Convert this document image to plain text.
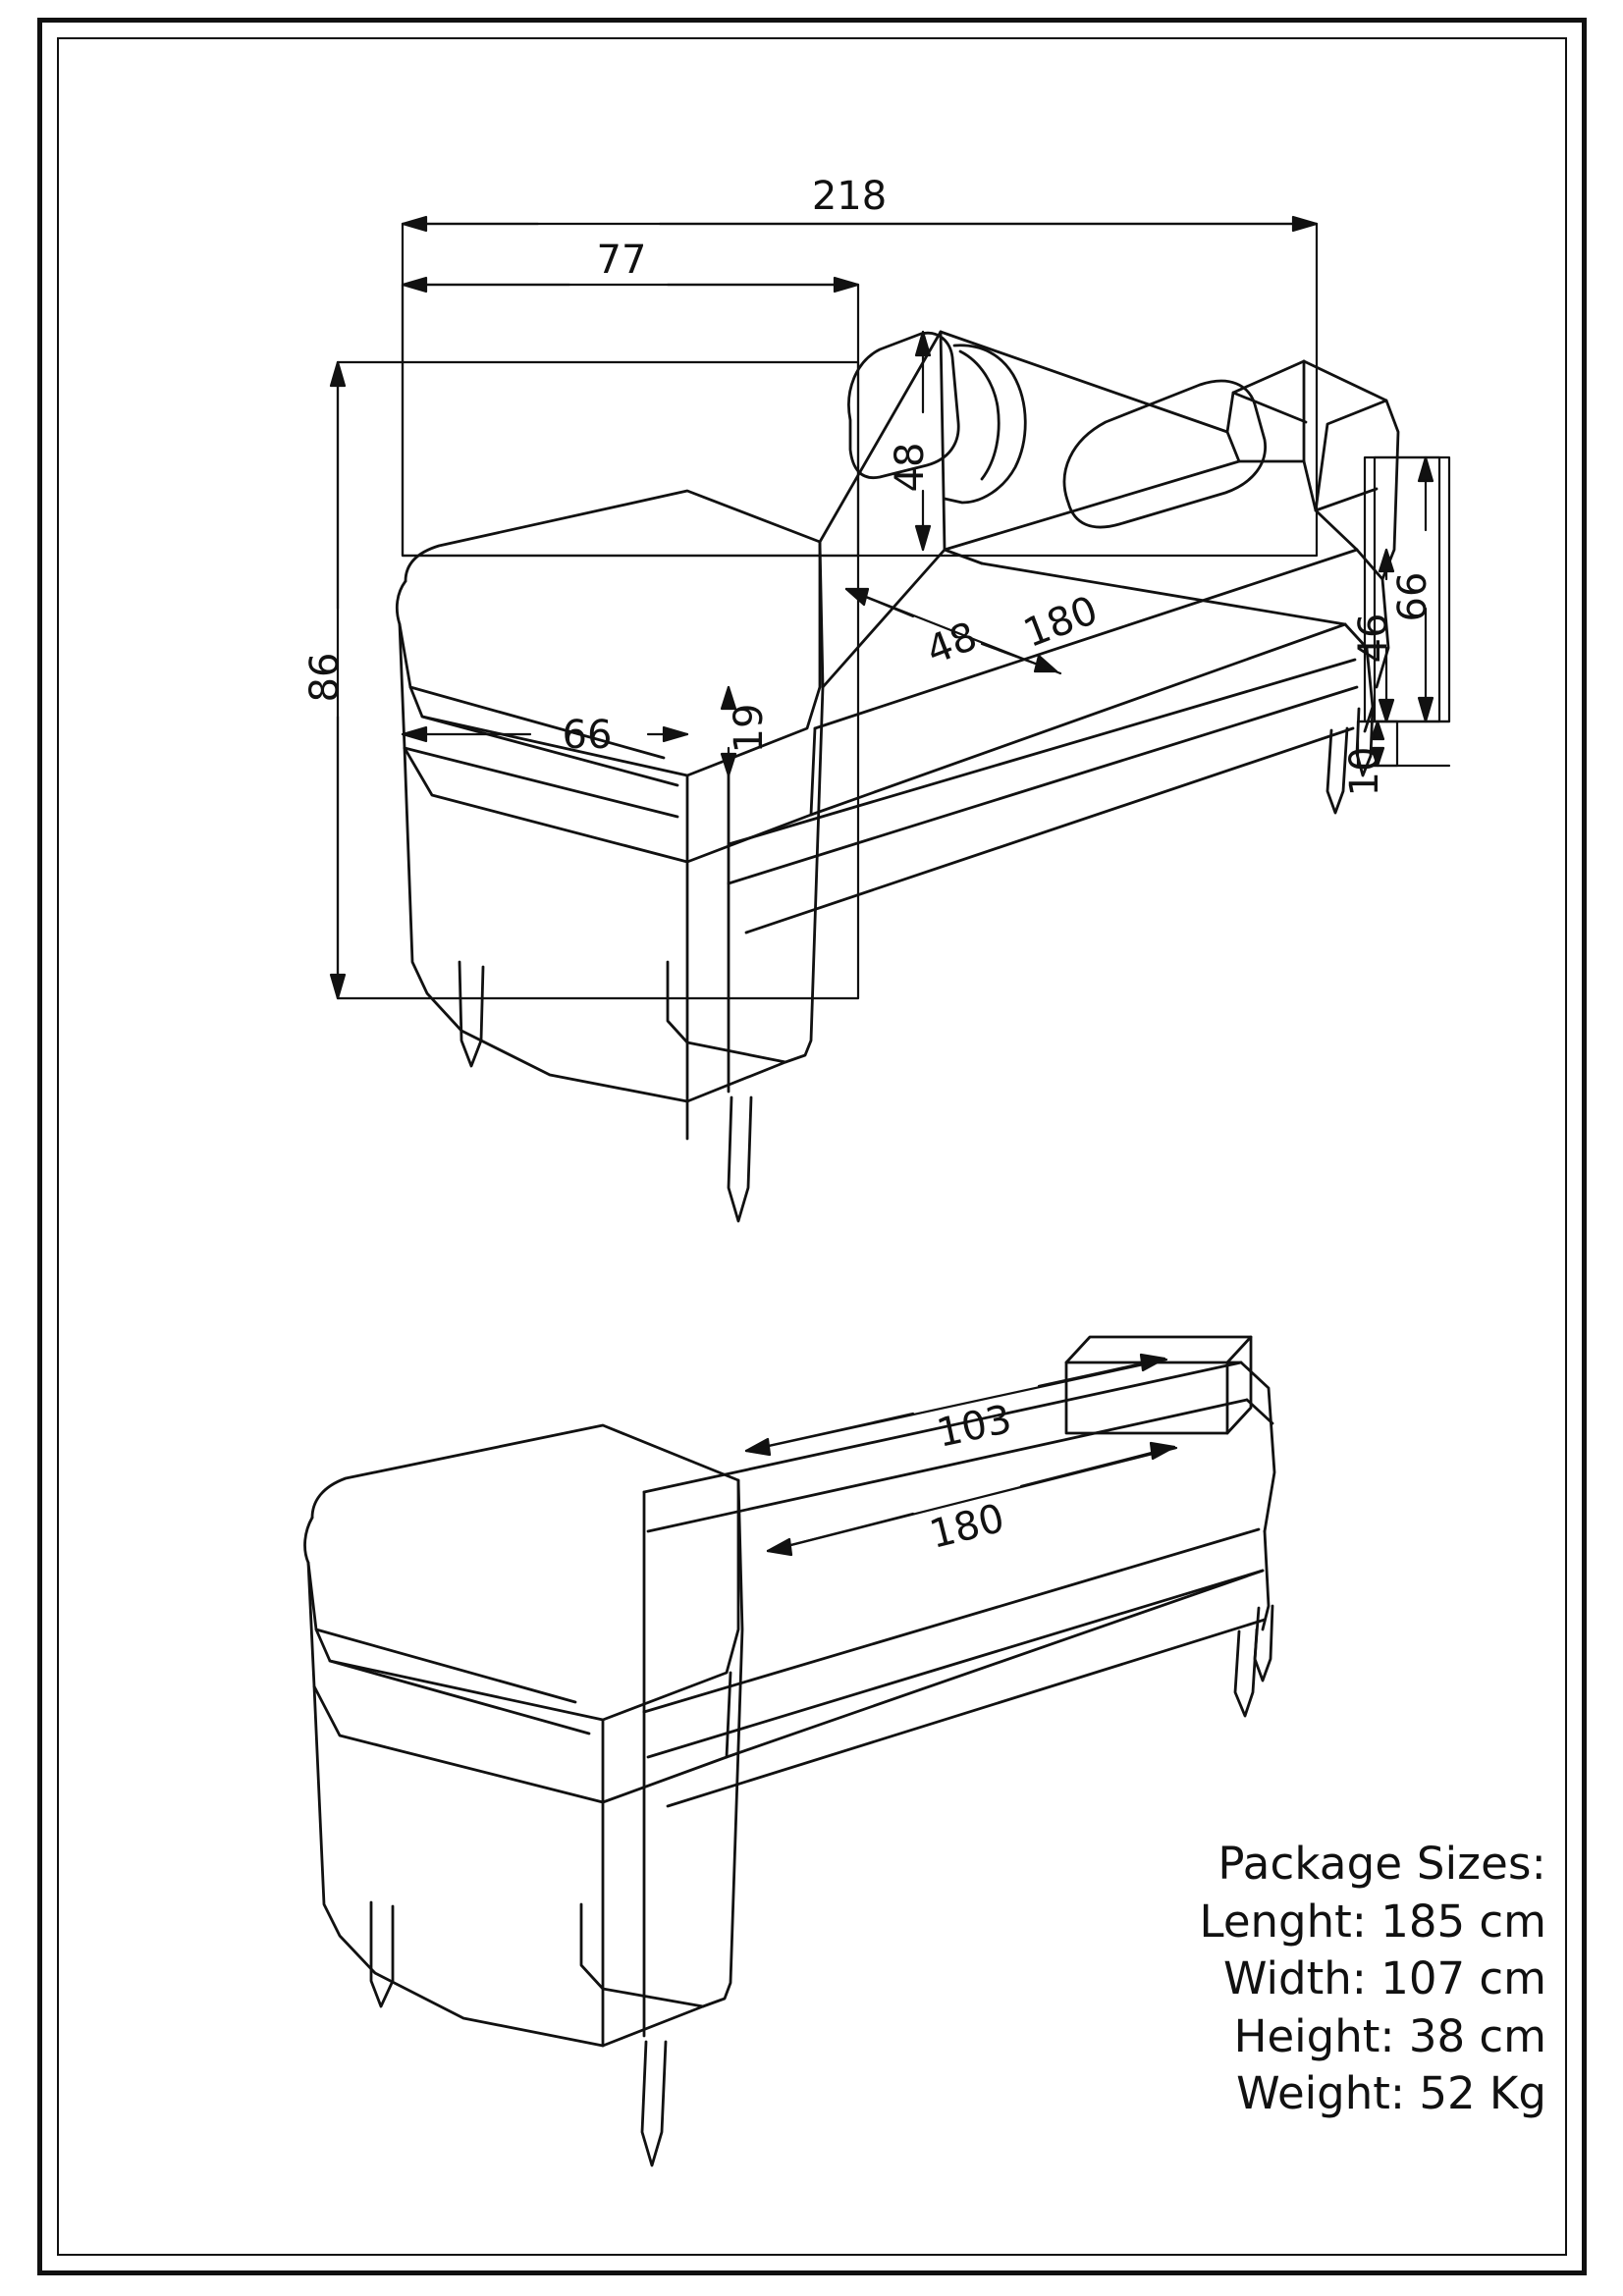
218
77
48
86
66	19
48 180	66
46
10
103
180
Package Sizes:
Lenght: 185 cm
Width: 107 cm
Height: 38 cm
Weight: 52 Kg
